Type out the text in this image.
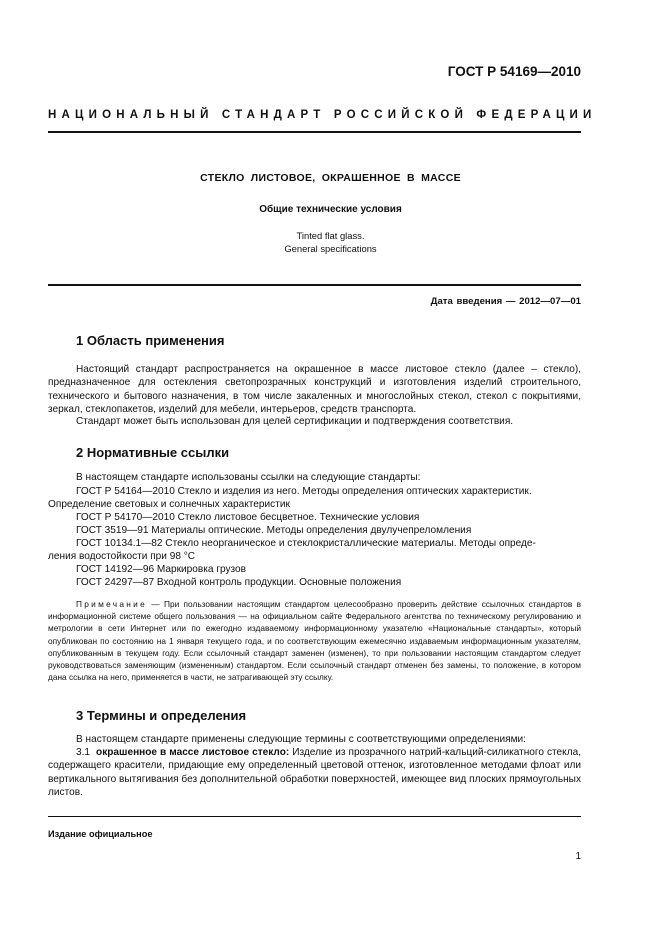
ГОСТ Р 54169—2010
НАЦИОНАЛЬНЫЙ СТАНДАРТ РОССИЙСКОЙ ФЕДЕРАЦИИ
СТЕКЛО ЛИСТОВОЕ, ОКРАШЕННОЕ В МАССЕ
Общие технические условия
Tinted flat glass.
General specifications
Дата введения — 2012—07—01
1 Область применения
Настоящий стандарт распространяется на окрашенное в массе листовое стекло (далее – стекло), предназначенное для остекления светопрозрачных конструкций и изготовления изделий строительного, технического и бытового назначения, в том числе закаленных и многослойных стекол, стекол с покрытиями, зеркал, стеклопакетов, изделий для мебели, интерьеров, средств транспорта.
Стандарт может быть использован для целей сертификации и подтверждения соответствия.
2 Нормативные ссылки
В настоящем стандарте использованы ссылки на следующие стандарты:
ГОСТ Р 54164—2010 Стекло и изделия из него. Методы определения оптических характеристик.
Определение световых и солнечных характеристик
ГОСТ Р 54170—2010 Стекло листовое бесцветное. Технические условия
ГОСТ 3519—91 Материалы оптические. Методы определения двулучепреломления
ГОСТ 10134.1—82 Стекло неорганическое и стеклокристаллические материалы. Методы опреде-
ления водостойкости при 98 °С
ГОСТ 14192—96 Маркировка грузов
ГОСТ 24297—87 Входной контроль продукции. Основные положения
Примечание — При пользовании настоящим стандартом целесообразно проверить действие ссылочных стандартов в информационной системе общего пользования — на официальном сайте Федерального агентства по техническому регулированию и метрологии в сети Интернет или по ежегодно издаваемому информационному указателю «Национальные стандарты», который опубликован по состоянию на 1 января текущего года, и по соответствующим ежемесячно издаваемым информационным указателям, опубликованным в текущем году. Если ссылочный стандарт заменен (изменен), то при пользовании настоящим стандартом следует руководствоваться заменяющим (измененным) стандартом. Если ссылочный стандарт отменен без замены, то положение, в котором дана ссылка на него, применяется в части, не затрагивающей эту ссылку.
3 Термины и определения
В настоящем стандарте применены следующие термины с соответствующими определениями:
3.1 окрашенное в массе листовое стекло: Изделие из прозрачного натрий-кальций-силикатного стекла, содержащего красители, придающие ему определенный цветовой оттенок, изготовленное методами флоат или вертикального вытягивания без дополнительной обработки поверхностей, имеющее вид плоских прямоугольных листов.
Издание официальное
1
